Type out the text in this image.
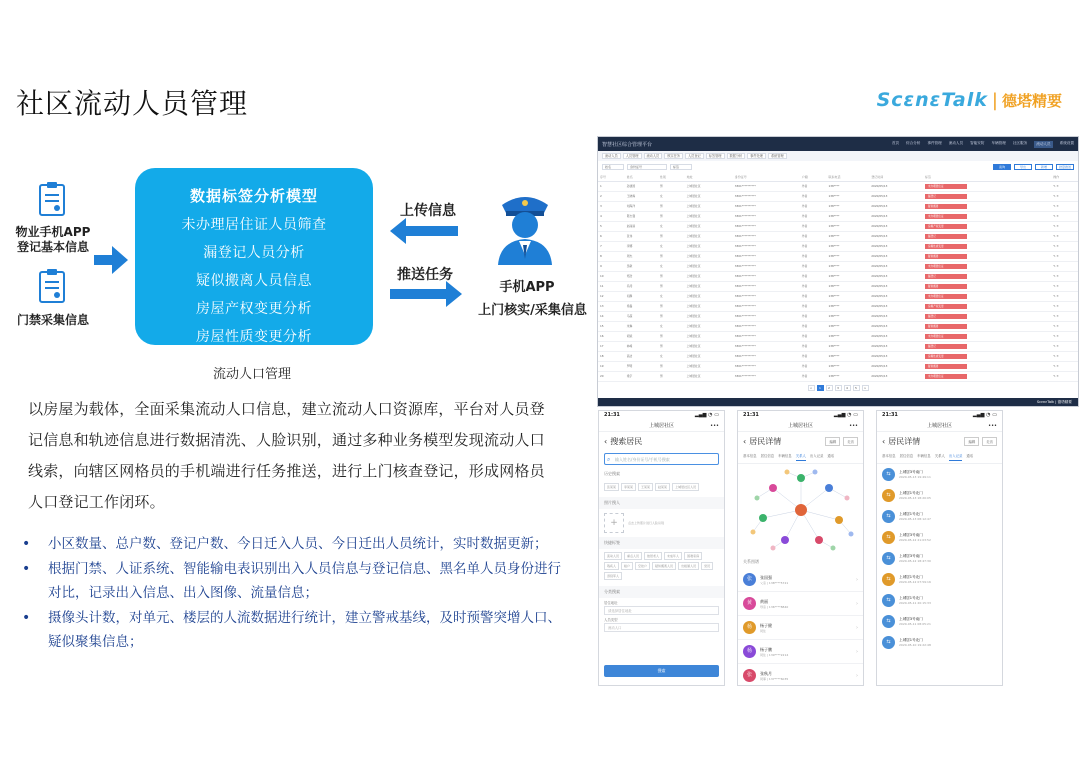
社区流动人员管理	ScɛnɛTalk | 德塔精要
物业手机APP
登记基本信息
门禁采集信息
数据标签分析模型
未办理居住证人员筛查
漏登记人员分析
疑似搬离人员信息
房屋产权变更分析
房屋性质变更分析
流动人口管理
上传信息
推送任务
手机APP
上门核实/采集信息
以房屋为载体，全面采集流动人口信息，建立流动人口资源库，平台对人员登记信息和轨迹信息进行数据清洗、人脸识别，通过多种业务模型发现流动人口线索，向辖区网格员的手机端进行任务推送，进行上门核查登记，形成网格员人口登记工作闭环。
• 小区数量、总户数、登记户数、今日迁入人员、今日迁出人员统计，实时数据更新；
• 根据门禁、人证系统、智能输电表识别出入人员信息与登记信息、黑名单人员身份进行对比，记录出入信息、出入图像、流量信息；
• 摄像头计数，对单元、楼层的人流数据进行统计，建立警戒基线，及时预警突增人口、疑似聚集信息；
智慧社区综合管理平台	首页 综合分析 事件管理 流动人员 智能安防 车辆管理 社区服务	流动人员	系统设置
流动人员	人员管理	流动人员	核实任务	人员登记	标签管理	数据分析	事件处理	系统管理
姓名	身份证号	标签	查询	导出	新增	批量推送
序号	姓名	性别	地址	身份证号	户籍	联系电话	登记时间	标签	操作
1	孙建国	男	上城居社区	3301**********	外省	138****	2020/05/13	未办理居住证	✎ ✕
2	王晓梅	女	上城居社区	3301**********	外省	138****	2020/05/13	漏登记	✎ ✕
3	刘海洋	男	上城居社区	3301**********	外省	138****	2020/05/13	疑似搬离	✎ ✕
4	陈志强	男	上城居社区	3301**********	外省	138****	2020/05/13	未办理居住证	✎ ✕
5	赵丽丽	女	上城居社区	3301**********	外省	138****	2020/05/13	房屋产权变更	✎ ✕
6	张伟	男	上城居社区	3301**********	外省	138****	2020/05/13	漏登记	✎ ✕
7	李娜	女	上城居社区	3301**********	外省	138****	2020/05/13	房屋性质变更	✎ ✕
8	周杰	男	上城居社区	3301**********	外省	138****	2020/05/13	疑似搬离	✎ ✕
9	吴敏	女	上城居社区	3301**********	外省	138****	2020/05/13	未办理居住证	✎ ✕
10	郑浩	男	上城居社区	3301**********	外省	138****	2020/05/13	漏登记	✎ ✕
11	冯涛	男	上城居社区	3301**********	外省	138****	2020/05/13	疑似搬离	✎ ✕
12	何静	女	上城居社区	3301**********	外省	138****	2020/05/13	未办理居住证	✎ ✕
13	徐磊	男	上城居社区	3301**********	外省	138****	2020/05/13	房屋产权变更	✎ ✕
14	马超	男	上城居社区	3301**********	外省	138****	2020/05/13	漏登记	✎ ✕
15	朱琳	女	上城居社区	3301**********	外省	138****	2020/05/13	疑似搬离	✎ ✕
16	胡斌	男	上城居社区	3301**********	外省	138****	2020/05/13	未办理居住证	✎ ✕
17	林峰	男	上城居社区	3301**********	外省	138****	2020/05/13	漏登记	✎ ✕
18	高洁	女	上城居社区	3301**********	外省	138****	2020/05/13	房屋性质变更	✎ ✕
19	罗明	男	上城居社区	3301**********	外省	138****	2020/05/13	疑似搬离	✎ ✕
20	梁宇	男	上城居社区	3301**********	外省	138****	2020/05/13	未办理居住证	✎ ✕
<	1	2	3	4	5	>
ScɛnɛTalk | 德塔精要
21:31	▂▄▆ ◔ ▭
上城居社区	•••
‹ 搜索居民
⌕ 输入姓名/身份证号/手机号搜索
历史搜索
张某某	李某某	王某某	赵某某	上城居社区人员
照片搜人
+	点击上传照片进行人脸识别
快捷标签
流动人员	重点人员	独居老人	未成年人	困难家庭
残疾人	租户	空挂户	疑似搬离人员	出租屋人员	党员
退役军人
分类搜索
居住地址
请选择居住地址
人员类型
流动人口
搜索
21:31	▂▄▆ ◔ ▭
上城居社区	•••
‹ 居民详情	编辑	走访
基本信息 居住信息 车辆信息 关系人 出入记录 通话
关系图谱
张	张国强
父亲 | 138****5721	›
黄	黄丽
母亲 | 136****8840	›
杨	杨子健
同住	›
杨	杨子鹏
同住 | 139****2214	›
张	张秋月
同事 | 137****6035	›
21:31	▂▄▆ ◔ ▭
上城居社区	•••
‹ 居民详情	编辑	走访
基本信息 居住信息 车辆信息 关系人 出入记录 通话
⇆	上城居3号南门
2020-05-13 19:49:11
⇆	上城居1号北门
2020-05-13 18:20:05
⇆	上城居1号北门
2020-05-13 08:12:47
⇆	上城居3号南门
2020-05-12 21:03:52
⇆	上城居3号南门
2020-05-12 18:47:30
⇆	上城居1号北门
2020-05-12 07:59:16
⇆	上城居1号北门
2020-05-11 20:15:33
⇆	上城居3号南门
2020-05-11 08:05:21
⇆	上城居1号北门
2020-05-10 19:22:48
